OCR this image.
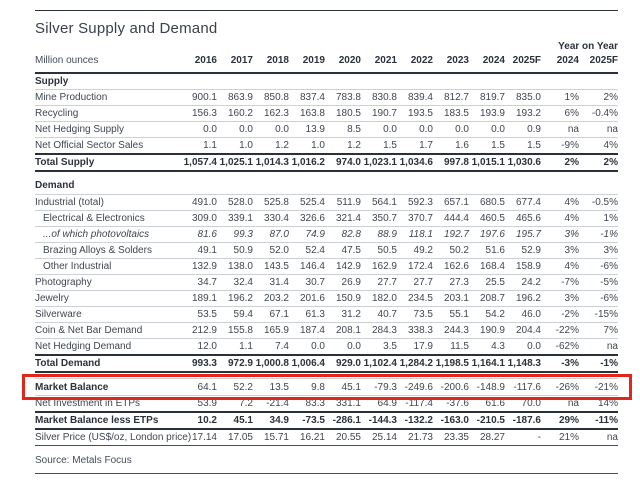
Silver Supply and Demand
Year on Year
Million ounces	2016	2017	2018	2019	2020	2021	2022	2023	2024	2025F	2024	2025F
Supply												
Mine Production	900.1	863.9	850.8	837.4	783.8	830.8	839.4	812.7	819.7	835.0	1%	2%
Recycling	156.3	160.2	162.3	163.8	180.5	190.7	193.5	183.5	193.9	193.2	6%	-0.4%
Net Hedging Supply	0.0	0.0	0.0	13.9	8.5	0.0	0.0	0.0	0.0	0.9	na	na
Net Official Sector Sales	1.1	1.0	1.2	1.0	1.2	1.5	1.7	1.6	1.5	1.5	-9%	4%
Total Supply	1,057.4	1,025.1	1,014.3	1,016.2	974.0	1,023.1	1,034.6	997.8	1,015.1	1,030.6	2%	2%

Demand												
Industrial (total)	491.0	528.0	525.8	525.4	511.9	564.1	592.3	657.1	680.5	677.4	4%	-0.5%
Electrical & Electronics	309.0	339.1	330.4	326.6	321.4	350.7	370.7	444.4	460.5	465.6	4%	1%
...of which photovoltaics	81.6	99.3	87.0	74.9	82.8	88.9	118.1	192.7	197.6	195.7	3%	-1%
Brazing Alloys & Solders	49.1	50.9	52.0	52.4	47.5	50.5	49.2	50.2	51.6	52.9	3%	3%
Other Industrial	132.9	138.0	143.5	146.4	142.9	162.9	172.4	162.6	168.4	158.9	4%	-6%
Photography	34.7	32.4	31.4	30.7	26.9	27.7	27.7	27.3	25.5	24.2	-7%	-5%
Jewelry	189.1	196.2	203.2	201.6	150.9	182.0	234.5	203.1	208.7	196.2	3%	-6%
Silverware	53.5	59.4	67.1	61.3	31.2	40.7	73.5	55.1	54.2	46.0	-2%	-15%
Coin & Net Bar Demand	212.9	155.8	165.9	187.4	208.1	284.3	338.3	244.3	190.9	204.4	-22%	7%
Net Hedging Demand	12.0	1.1	7.4	0.0	0.0	3.5	17.9	11.5	4.3	0.0	-62%	na
Total Demand	993.3	972.9	1,000.8	1,006.4	929.0	1,102.4	1,284.2	1,198.5	1,164.1	1,148.3	-3%	-1%

Market Balance	64.1	52.2	13.5	9.8	45.1	-79.3	-249.6	-200.6	-148.9	-117.6	-26%	-21%
Net Investment in ETPs	53.9	7.2	-21.4	83.3	331.1	64.9	-117.4	-37.6	61.6	70.0	na	14%
Market Balance less ETPs	10.2	45.1	34.9	-73.5	-286.1	-144.3	-132.2	-163.0	-210.5	-187.6	29%	-11%
Silver Price (US$/oz, London price)	17.14	17.05	15.71	16.21	20.55	25.14	21.73	23.35	28.27	-	21%	na
Source: Metals Focus
